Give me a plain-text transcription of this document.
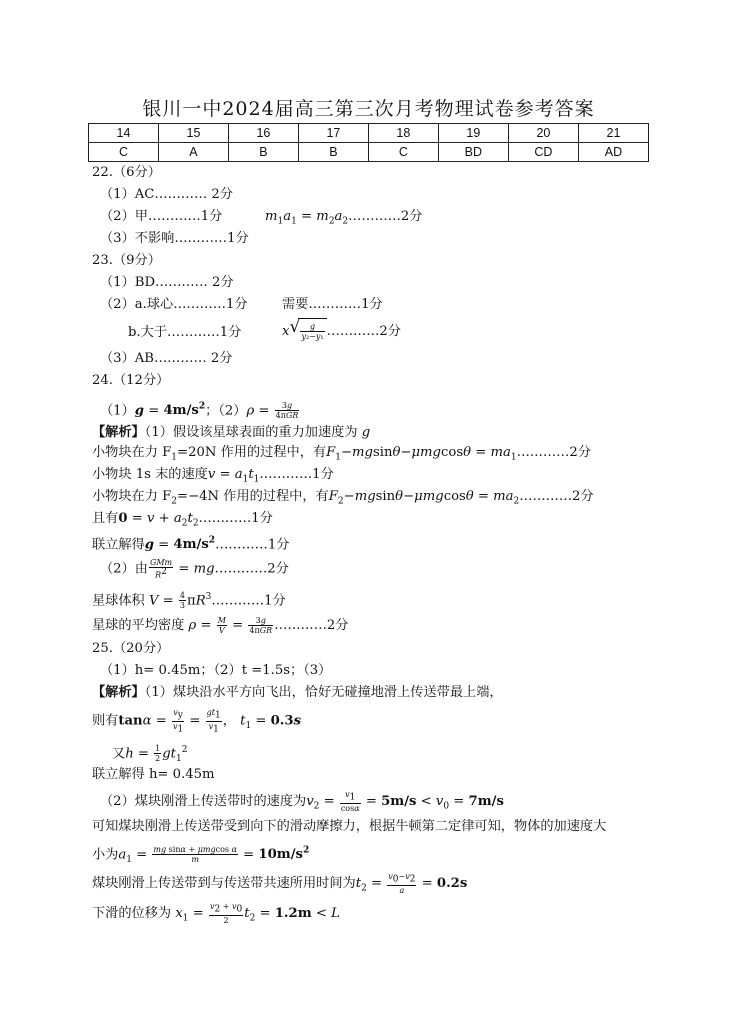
银川一中2024届高三第三次月考物理试卷参考答案
14	15	16	17	18	19	20	21
C	A	B	B	C	BD	CD	AD
22.（6分）
（1）AC………… 2分
（2）甲…………1分	$m_1a_1$ = $m_2a_2\dots\dots\dots\dots 2$分
（3）不影响…………1分
23.（9分）
（1）BD………… 2分
（2）a.球心…………1分	需要…………1分
b.大于…………1分	x √ $\frac{g}{\text{y₂−y₁}}$ …………2分
（3）AB………… 2分
24.（12分）
$(1)g = 4m/s^2$；$(2)\rho = \frac{3g}{\text{4πGR}}$
【解析】（1）假设该星球表面的重力加速度为 g
小物块在力 $F_1=20N$ 作用的过程中，有$F_1-mgsin\theta-\mu mgcos\theta$ = $ma_1\dots\dots\dots\dots 2$分
小物块 1s 末的速度$v = a_1t_1\dots\dots\dots\dots 1$分
小物块在力 $F_2=-4N$ 作用的过程中，有$F_2-mgsin\theta-\mu mgcos\theta$ = $ma_2\dots\dots\dots\dots 2$分
且有$0 = v + a_2t_2\dots\dots\dots\dots 1$分
联立解得$g = 4m/s^2\dots\dots\dots\dots 1$分
（2）由 $\frac{\text{GMm}}{R^2}$ = mg…………2分
星球体积 $V = \frac{4}{3}$ $\pi R^3\dots\dots\dots\dots 1$分
星球的平均密度 $\rho = \frac{M}{V} = \frac{3g}{\text{4πGR}}$ …………2分
25.（20分）
（1）h= 0.45m；（2）t =1.5s；（3）
【解析】（1）煤块沿水平方向飞出，恰好无碰撞地滑上传送带最上端，
则有$\tan\alpha = \frac{v_y}{v_1} = \frac{gt_1}{v_1}$ ， $t_1 = 0.3s$
又$h = \frac{1}{2} gt_1^2$
联立解得 h= 0.45m
（2）煤块刚滑上传送带时的速度为$v_2 = \frac{v_1}{\cos\alpha} = 5m/s < v_0 = 7m/s$
可知煤块刚滑上传送带受到向下的滑动摩擦力，根据牛顿第二定律可知，物体的加速度大
小为$a_1 = \frac{\text{mg sinα + μmgcos α}}{m} = 10m/s^2$
煤块刚滑上传送带到与传送带共速所用时间为$t_2 = \frac{v_0-v_2}{a} = 0.2s$
下滑的位移为 $x_1 = \frac{v_2 + v_0}{2} t_2 = 1.2m < L$
